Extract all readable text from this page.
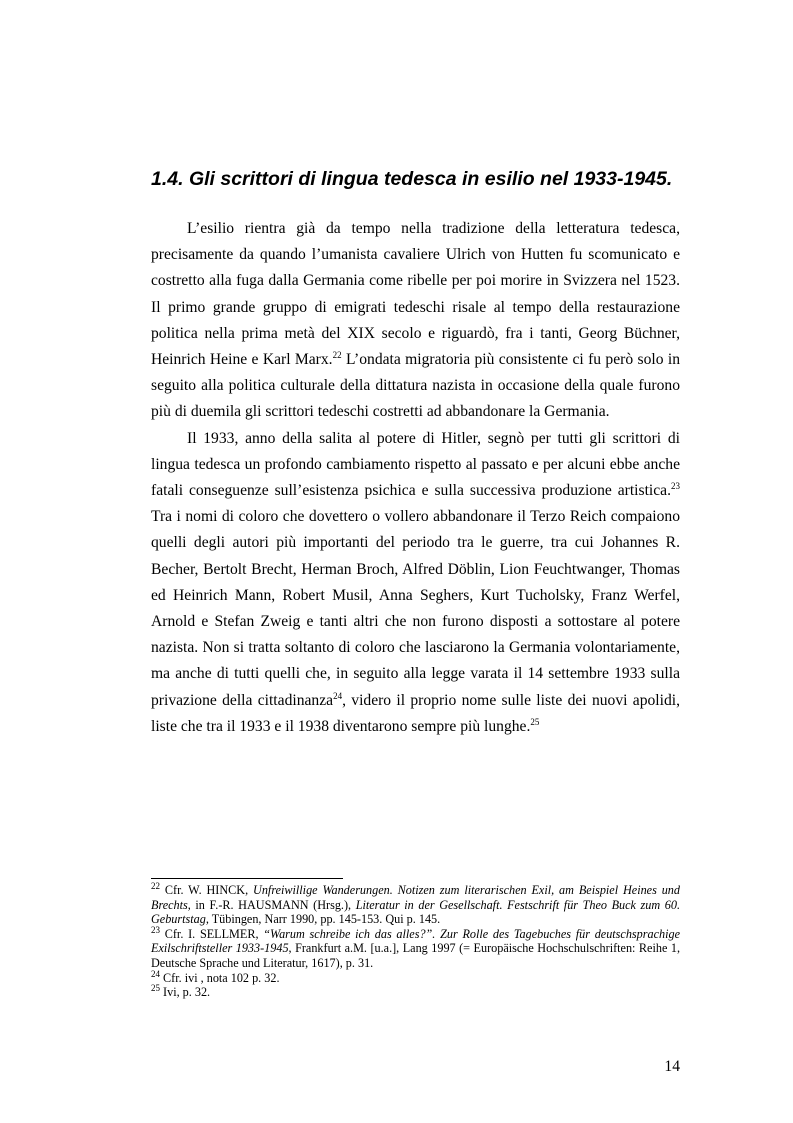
1.4. Gli scrittori di lingua tedesca in esilio nel 1933-1945.

L’esilio rientra già da tempo nella tradizione della letteratura tedesca, precisamente da quando l’umanista cavaliere Ulrich von Hutten fu scomunicato e costretto alla fuga dalla Germania come ribelle per poi morire in Svizzera nel 1523. Il primo grande gruppo di emigrati tedeschi risale al tempo della restaurazione politica nella prima metà del XIX secolo e riguardò, fra i tanti, Georg Büchner, Heinrich Heine e Karl Marx.$^{22}$ L’ondata migratoria più consistente ci fu però solo in seguito alla politica culturale della dittatura nazista in occasione della quale furono più di duemila gli scrittori tedeschi costretti ad abbandonare la Germania.

Il 1933, anno della salita al potere di Hitler, segnò per tutti gli scrittori di lingua tedesca un profondo cambiamento rispetto al passato e per alcuni ebbe anche fatali conseguenze sull’esistenza psichica e sulla successiva produzione artistica.$^{23}$ Tra i nomi di coloro che dovettero o vollero abbandonare il Terzo Reich compaiono quelli degli autori più importanti del periodo tra le guerre, tra cui Johannes R. Becher, Bertolt Brecht, Herman Broch, Alfred Döblin, Lion Feuchtwanger, Thomas ed Heinrich Mann, Robert Musil, Anna Seghers, Kurt Tucholsky, Franz Werfel, Arnold e Stefan Zweig e tanti altri che non furono disposti a sottostare al potere nazista. Non si tratta soltanto di coloro che lasciarono la Germania volontariamente, ma anche di tutti quelli che, in seguito alla legge varata il 14 settembre 1933 sulla privazione della cittadinanza$^{24}$, videro il proprio nome sulle liste dei nuovi apolidi, liste che tra il 1933 e il 1938 diventarono sempre più lunghe.$^{25}$

$^{22}$ Cfr. W. HINCK, Unfreiwillige Wanderungen. Notizen zum literarischen Exil, am Beispiel Heines und Brechts, in F.-R. HAUSMANN (Hrsg.), Literatur in der Gesellschaft. Festschrift für Theo Buck zum 60. Geburtstag, Tübingen, Narr 1990, pp. 145-153. Qui p. 145.

$^{23}$ Cfr. I. SELLMER, “Warum schreibe ich das alles?”. Zur Rolle des Tagebuches für deutschsprachige Exilschriftsteller 1933-1945, Frankfurt a.M. [u.a.], Lang 1997 (= Europäische Hochschulschriften: Reihe 1, Deutsche Sprache und Literatur, 1617), p. 31.

$^{24}$ Cfr. ivi , nota 102 p. 32.

$^{25}$ Ivi, p. 32.

14
